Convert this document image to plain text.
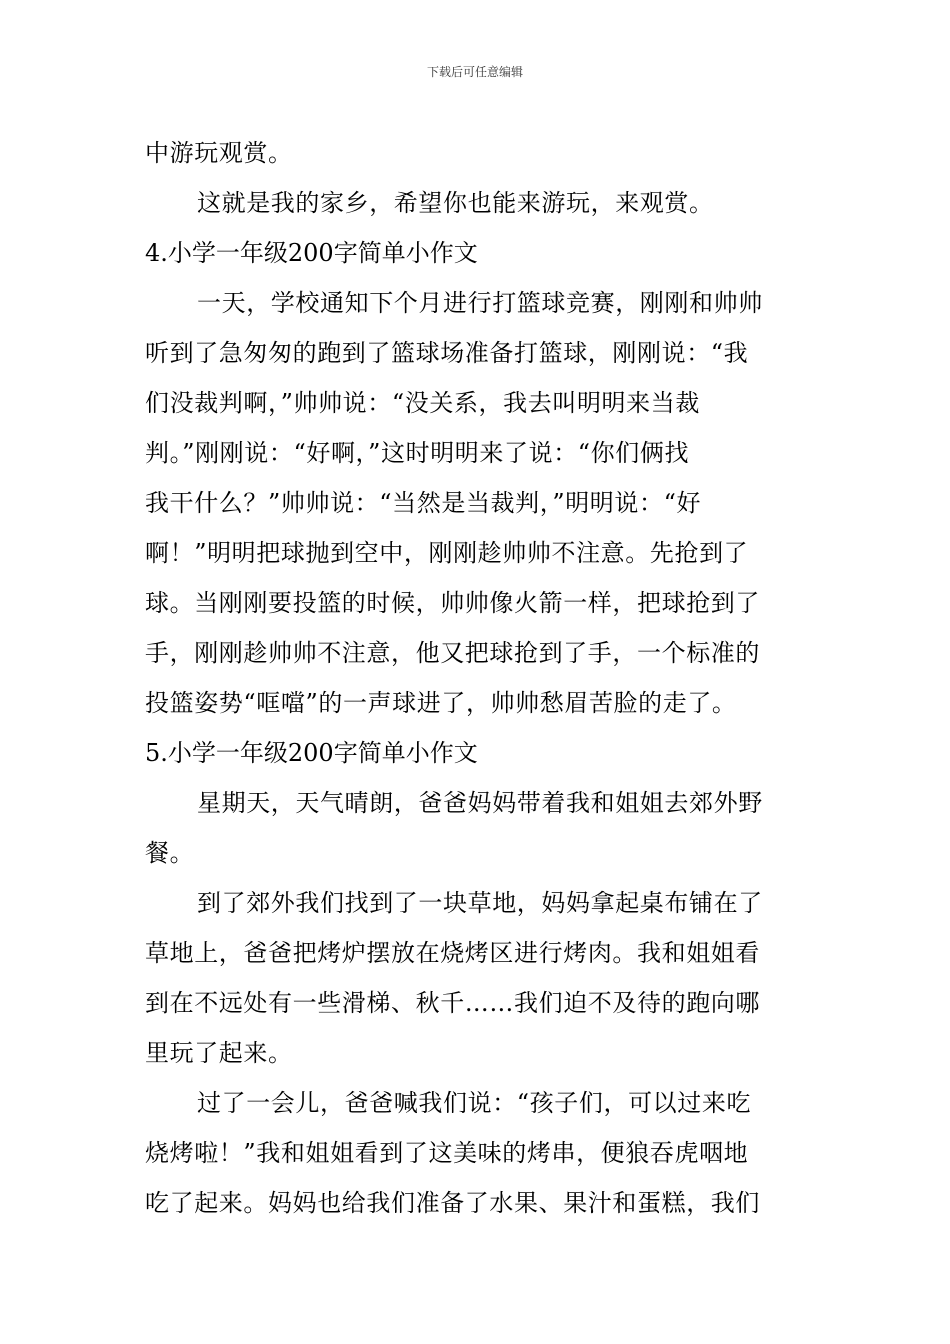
下载后可任意编辑
中游玩观赏。
这就是我的家乡，希望你也能来游玩，来观赏。
4.小学一年级200字简单小作文
一天，学校通知下个月进行打篮球竞赛，刚刚和帅帅
听到了急匆匆的跑到了篮球场准备打篮球，刚刚说：“我
们没裁判啊，”帅帅说：“没关系，我去叫明明来当裁
判。”刚刚说：“好啊，”这时明明来了说：“你们俩找
我干什么？”帅帅说：“当然是当裁判，”明明说：“好
啊！”明明把球抛到空中，刚刚趁帅帅不注意。先抢到了
球。当刚刚要投篮的时候，帅帅像火箭一样，把球抢到了
手，刚刚趁帅帅不注意，他又把球抢到了手，一个标准的
投篮姿势“哐噹”的一声球进了，帅帅愁眉苦脸的走了。
5.小学一年级200字简单小作文
星期天，天气晴朗，爸爸妈妈带着我和姐姐去郊外野
餐。
到了郊外我们找到了一块草地，妈妈拿起桌布铺在了
草地上，爸爸把烤炉摆放在烧烤区进行烤肉。我和姐姐看
到在不远处有一些滑梯、秋千……我们迫不及待的跑向哪
里玩了起来。
过了一会儿，爸爸喊我们说：“孩子们，可以过来吃
烧烤啦！”我和姐姐看到了这美味的烤串，便狼吞虎咽地
吃了起来。妈妈也给我们准备了水果、果汁和蛋糕，我们
